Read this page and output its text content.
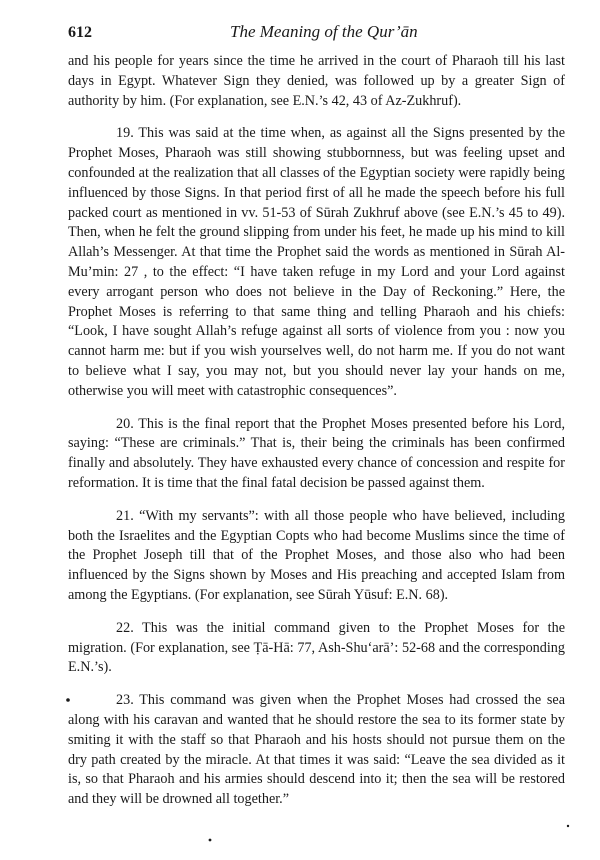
612	The Meaning of the Qur’ān

and his people for years since the time he arrived in the court of Pharaoh till his last days in Egypt. Whatever Sign they denied, was followed up by a greater Sign of authority by him. (For explanation, see E.N.’s 42, 43 of Az-Zukhruf).

19. This was said at the time when, as against all the Signs presented by the Prophet Moses, Pharaoh was still showing stubbornness, but was feeling upset and confounded at the realization that all classes of the Egyptian society were rapidly being influenced by those Signs. In that period first of all he made the speech before his full packed court as mentioned in vv. 51-53 of Sūrah Zukhruf above (see E.N.’s 45 to 49). Then, when he felt the ground slipping from under his feet, he made up his mind to kill Allah’s Messenger. At that time the Prophet said the words as mentioned in Sūrah Al-Mu’min: 27 , to the effect: “I have taken refuge in my Lord and your Lord against every arrogant person who does not believe in the Day of Reckoning.” Here, the Prophet Moses is referring to that same thing and telling Pharaoh and his chiefs: “Look, I have sought Allah’s refuge against all sorts of violence from you : now you cannot harm me: but if you wish yourselves well, do not harm me. If you do not want to believe what I say, you may not, but you should never lay your hands on me, otherwise you will meet with catastrophic consequences”.

20. This is the final report that the Prophet Moses presented before his Lord, saying: “These are criminals.” That is, their being the criminals has been confirmed finally and absolutely. They have exhausted every chance of concession and respite for reformation. It is time that the final fatal decision be passed against them.

21. “With my servants”: with all those people who have believed, including both the Israelites and the Egyptian Copts who had become Muslims since the time of the Prophet Joseph till that of the Prophet Moses, and those also who had been influenced by the Signs shown by Moses and His preaching and accepted Islam from among the Egyptians. (For explanation, see Sūrah Yūsuf: E.N. 68).

22. This was the initial command given to the Prophet Moses for the migration. (For explanation, see Ṭā-Hā: 77, Ash-Shu‘arā’: 52-68 and the corresponding E.N.’s).

23. This command was given when the Prophet Moses had crossed the sea along with his caravan and wanted that he should restore the sea to its former state by smiting it with the staff so that Pharaoh and his hosts should not pursue them on the dry path created by the miracle. At that times it was said: “Leave the sea divided as it is, so that Pharaoh and his armies should descend into it; then the sea will be restored and they will be drowned all together.”
